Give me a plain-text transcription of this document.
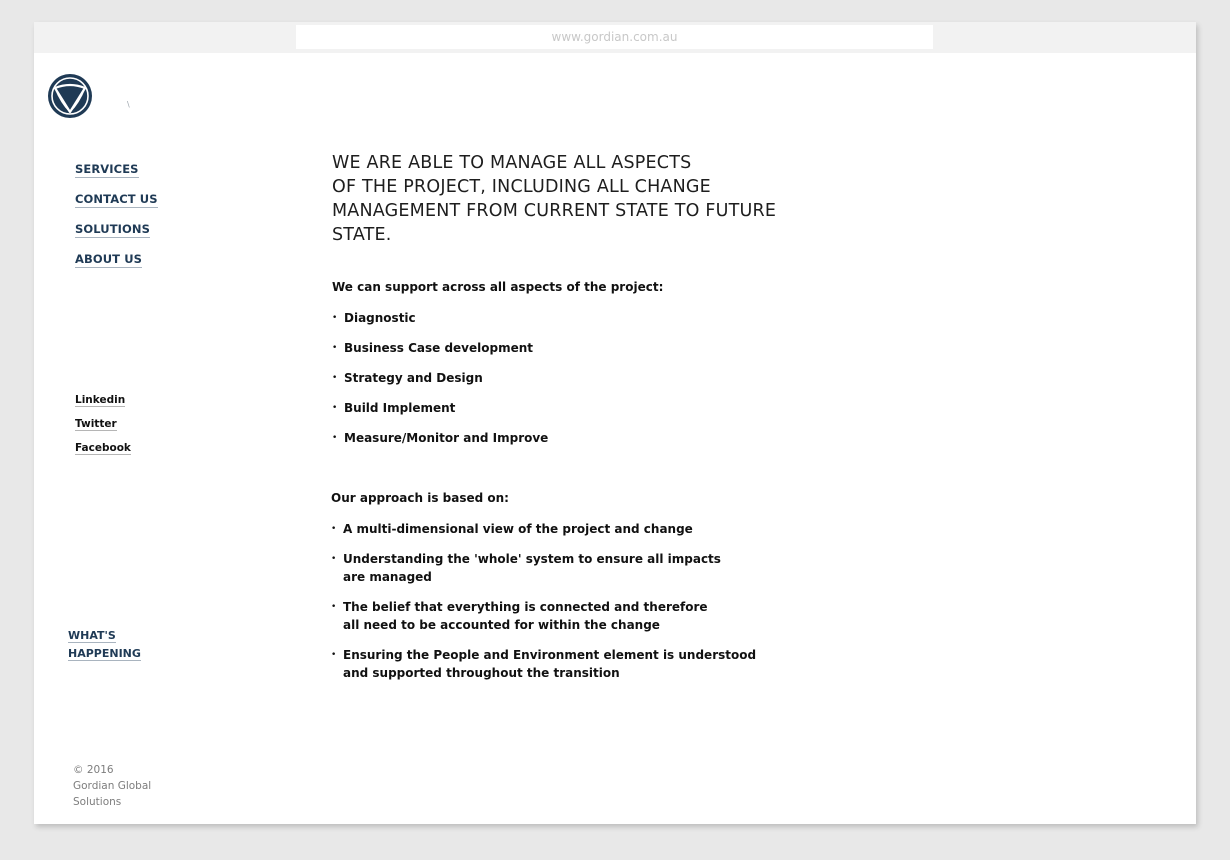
www.gordian.com.au
\
SERVICES
CONTACT US
SOLUTIONS
ABOUT US
Linkedin
Twitter
Facebook
WHAT'S
HAPPENING
© 2016
Gordian Global
Solutions
WE ARE ABLE TO MANAGE ALL ASPECTS
OF THE PROJECT, INCLUDING ALL CHANGE
MANAGEMENT FROM CURRENT STATE TO FUTURE
STATE.

We can support across all aspects of the project:

• Diagnostic
• Business Case development
• Strategy and Design
• Build Implement
• Measure/Monitor and Improve

Our approach is based on:

• A multi-dimensional view of the project and change
• Understanding the 'whole' system to ensure all impacts
are managed
• The belief that everything is connected and therefore
all need to be accounted for within the change
• Ensuring the People and Environment element is understood
and supported throughout the transition
